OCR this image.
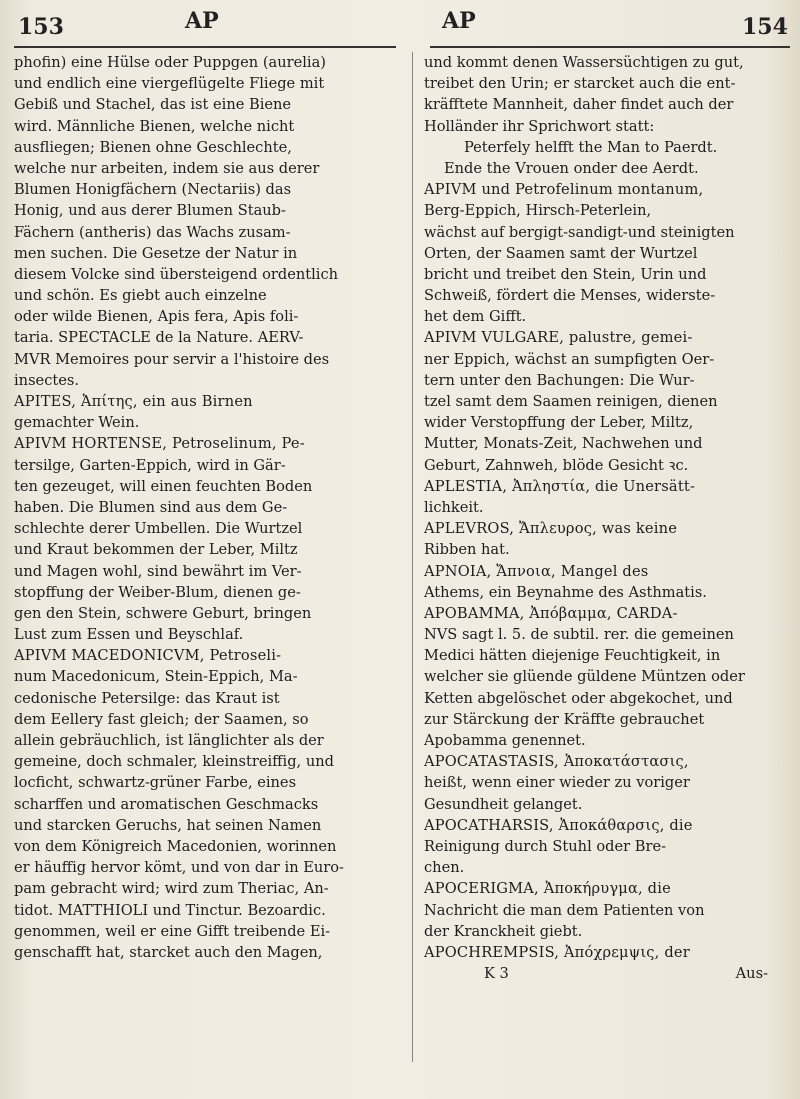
153	AP	AP	154
phofin) eine Hülse oder Puppgen (aurelia)
und endlich eine viergeflügelte Fliege mit
Gebiß und Stachel, das ist eine Biene
wird. Männliche Bienen, welche nicht
ausfliegen; Bienen ohne Geschlechte,
welche nur arbeiten, indem sie aus derer
Blumen Honigfächern (Nectariis) das
Honig, und aus derer Blumen Staub-
Fächern (antheris) das Wachs zusam-
men suchen. Die Gesetze der Natur in
diesem Volcke sind übersteigend ordentlich
und schön. Es giebt auch einzelne
oder wilde Bienen, Apis fera, Apis foli-
taria. SPECTACLE de la Nature. AERV-
MVR Memoires pour servir a l'histoire des
insectes.
APITES, Ἀπίτης, ein aus Birnen
gemachter Wein.
APIVM HORTENSE, Petroselinum, Pe-
tersilge, Garten-Eppich, wird in Gär-
ten gezeuget, will einen feuchten Boden
haben. Die Blumen sind aus dem Ge-
schlechte derer Umbellen. Die Wurtzel
und Kraut bekommen der Leber, Miltz
und Magen wohl, sind bewährt im Ver-
stopffung der Weiber-Blum, dienen ge-
gen den Stein, schwere Geburt, bringen
Lust zum Essen und Beyschlaf.
APIVM MACEDONICVM, Petroseli-
num Macedonicum, Stein-Eppich, Ma-
cedonische Petersilge: das Kraut ist
dem Eellery fast gleich; der Saamen, so
allein gebräuchlich, ist länglichter als der
gemeine, doch schmaler, kleinstreiffig, und
locficht, schwartz-grüner Farbe, eines
scharffen und aromatischen Geschmacks
und starcken Geruchs, hat seinen Namen
von dem Königreich Macedonien, worinnen
er häuffig hervor kömt, und von dar in Euro-
pam gebracht wird; wird zum Theriac, An-
tidot. MATTHIOLI und Tinctur. Bezoardic.
genommen, weil er eine Gifft treibende Ei-
genschafft hat, starcket auch den Magen,
und kommt denen Wassersüchtigen zu gut,
treibet den Urin; er starcket auch die ent-
kräfftete Mannheit, daher findet auch der
Holländer ihr Sprichwort statt:
Peterfely helfft the Man to Paerdt.
Ende the Vrouen onder dee Aerdt.
APIVM und Petrofelinum montanum,
Berg-Eppich, Hirsch-Peterlein,
wächst auf bergigt-sandigt-und steinigten
Orten, der Saamen samt der Wurtzel
bricht und treibet den Stein, Urin und
Schweiß, fördert die Menses, widerste-
het dem Gifft.
APIVM VULGARE, palustre, gemei-
ner Eppich, wächst an sumpfigten Oer-
tern unter den Bachungen: Die Wur-
tzel samt dem Saamen reinigen, dienen
wider Verstopffung der Leber, Miltz,
Mutter, Monats-Zeit, Nachwehen und
Geburt, Zahnweh, blöde Gesicht ꝛc.
APLESTIA, Ἀπληστία, die Unersätt-
lichkeit.
APLEVROS, Ἄπλευρος, was keine
Ribben hat.
APNOIA, Ἄπνοια, Mangel des
Athems, ein Beynahme des Asthmatis.
APOBAMMA, Ἀπόβαμμα, CARDA-
NVS sagt l. 5. de subtil. rer. die gemeinen
Medici hätten diejenige Feuchtigkeit, in
welcher sie glüende güldene Müntzen oder
Ketten abgelöschet oder abgekochet, und
zur Stärckung der Kräffte gebrauchet
Apobamma genennet.
APOCATASTASIS, Ἀποκατάστασις,
heißt, wenn einer wieder zu voriger
Gesundheit gelanget.
APOCATHARSIS, Ἀποκάθαρσις, die
Reinigung durch Stuhl oder Bre-
chen.
APOCERIGMA, Ἀποκήρυγμα, die
Nachricht die man dem Patienten von
der Kranckheit giebt.
APOCHREMPSIS, Ἀπόχρεμψις, der
K 3	Aus-
